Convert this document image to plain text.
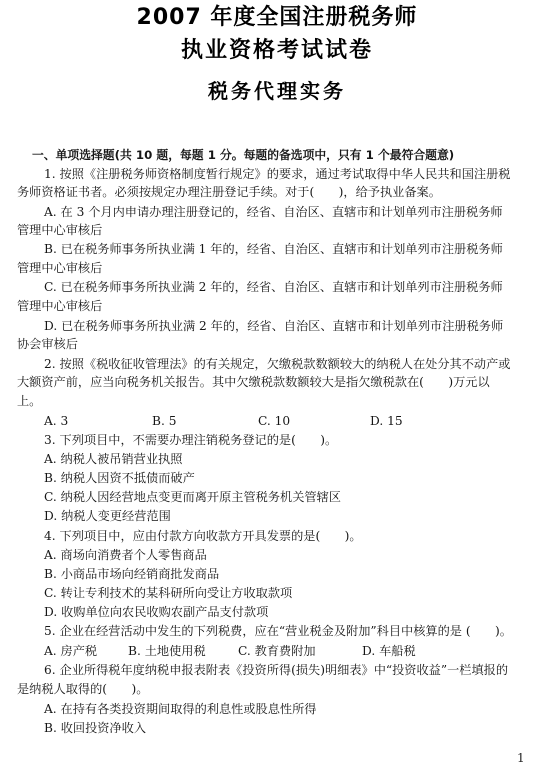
2007 年度全国注册税务师
执业资格考试试卷
税务代理实务
一、单项选择题(共 10 题，每题 1 分。每题的备选项中，只有 1 个最符合题意)
1. 按照《注册税务师资格制度暂行规定》的要求，通过考试取得中华人民共和国注册税
务师资格证书者。必须按规定办理注册登记手续。对于(　　)，给予执业备案。
A. 在 3 个月内申请办理注册登记的，经省、自治区、直辖市和计划单列市注册税务师
管理中心审核后
B. 已在税务师事务所执业满 1 年的，经省、自治区、直辖市和计划单列市注册税务师
管理中心审核后
C. 已在税务师事务所执业满 2 年的，经省、自治区、直辖市和计划单列市注册税务师
管理中心审核后
D. 已在税务师事务所执业满 2 年的，经省、自治区、直辖市和计划单列市注册税务师
协会审核后
2. 按照《税收征收管理法》的有关规定，欠缴税款数额较大的纳税人在处分其不动产或
大额资产前，应当向税务机关报告。其中欠缴税款数额较大是指欠缴税款在(　　)万元以
上。
A. 3	B. 5	C. 10	D. 15
3. 下列项目中，不需要办理注销税务登记的是(　　)。
A. 纳税人被吊销营业执照
B. 纳税人因资不抵债而破产
C. 纳税人因经营地点变更而离开原主管税务机关管辖区
D. 纳税人变更经营范围
4. 下列项目中，应由付款方向收款方开具发票的是(　　)。
A. 商场向消费者个人零售商品
B. 小商品市场向经销商批发商品
C. 转让专利技术的某科研所向受让方收取款项
D. 收购单位向农民收购农副产品支付款项
5. 企业在经营活动中发生的下列税费，应在“营业税金及附加”科目中核算的是 (　　)。
A. 房产税	B. 土地使用税	C. 教育费附加	D. 车船税
6. 企业所得税年度纳税申报表附表《投资所得(损失)明细表》中“投资收益”一栏填报的
是纳税人取得的(　　)。
A. 在持有各类投资期间取得的利息性或股息性所得
B. 收回投资净收入
1
